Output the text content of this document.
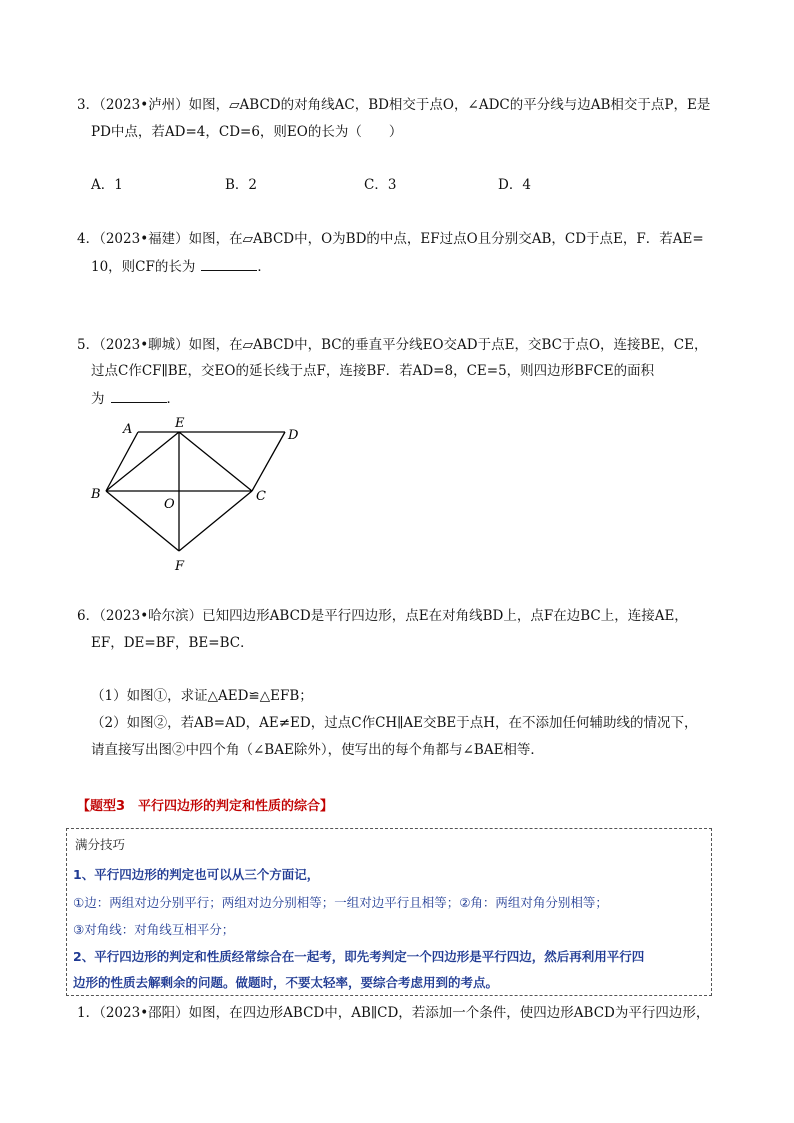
3．（2023•泸州）如图，▱ABCD的对角线AC，BD相交于点O，∠ADC的平分线与边AB相交于点P，E是
PD中点，若AD=4，CD=6，则EO的长为（　　）
A．1	B．2	C．3	D．4
4．（2023•福建）如图，在▱ABCD中，O为BD的中点，EF过点O且分别交AB，CD于点E，F．若AE=
10，则CF的长为	．
5．（2023•聊城）如图，在▱ABCD中，BC的垂直平分线EO交AD于点E，交BC于点O，连接BE，CE，
过点C作CF∥BE，交EO的延长线于点F，连接BF．若AD=8，CE=5，则四边形BFCE的面积
为	．
A	E
D
B
O
C
F
6．（2023•哈尔滨）已知四边形ABCD是平行四边形，点E在对角线BD上，点F在边BC上，连接AE，
EF，DE=BF，BE=BC．
（1）如图①，求证△AED≌△EFB；
（2）如图②，若AB=AD，AE≠ED，过点C作CH∥AE交BE于点H，在不添加任何辅助线的情况下，
请直接写出图②中四个角（∠BAE除外），使写出的每个角都与∠BAE相等．
【题型3　平行四边形的判定和性质的综合】
满分技巧
1、平行四边形的判定也可以从三个方面记，
①边：两组对边分别平行；两组对边分别相等；一组对边平行且相等；②角：两组对角分别相等；
③对角线：对角线互相平分；
2、平行四边形的判定和性质经常综合在一起考，即先考判定一个四边形是平行四边，然后再利用平行四
边形的性质去解剩余的问题。做题时，不要太轻率，要综合考虑用到的考点。
1．（2023•邵阳）如图，在四边形ABCD中，AB∥CD，若添加一个条件，使四边形ABCD为平行四边形，
